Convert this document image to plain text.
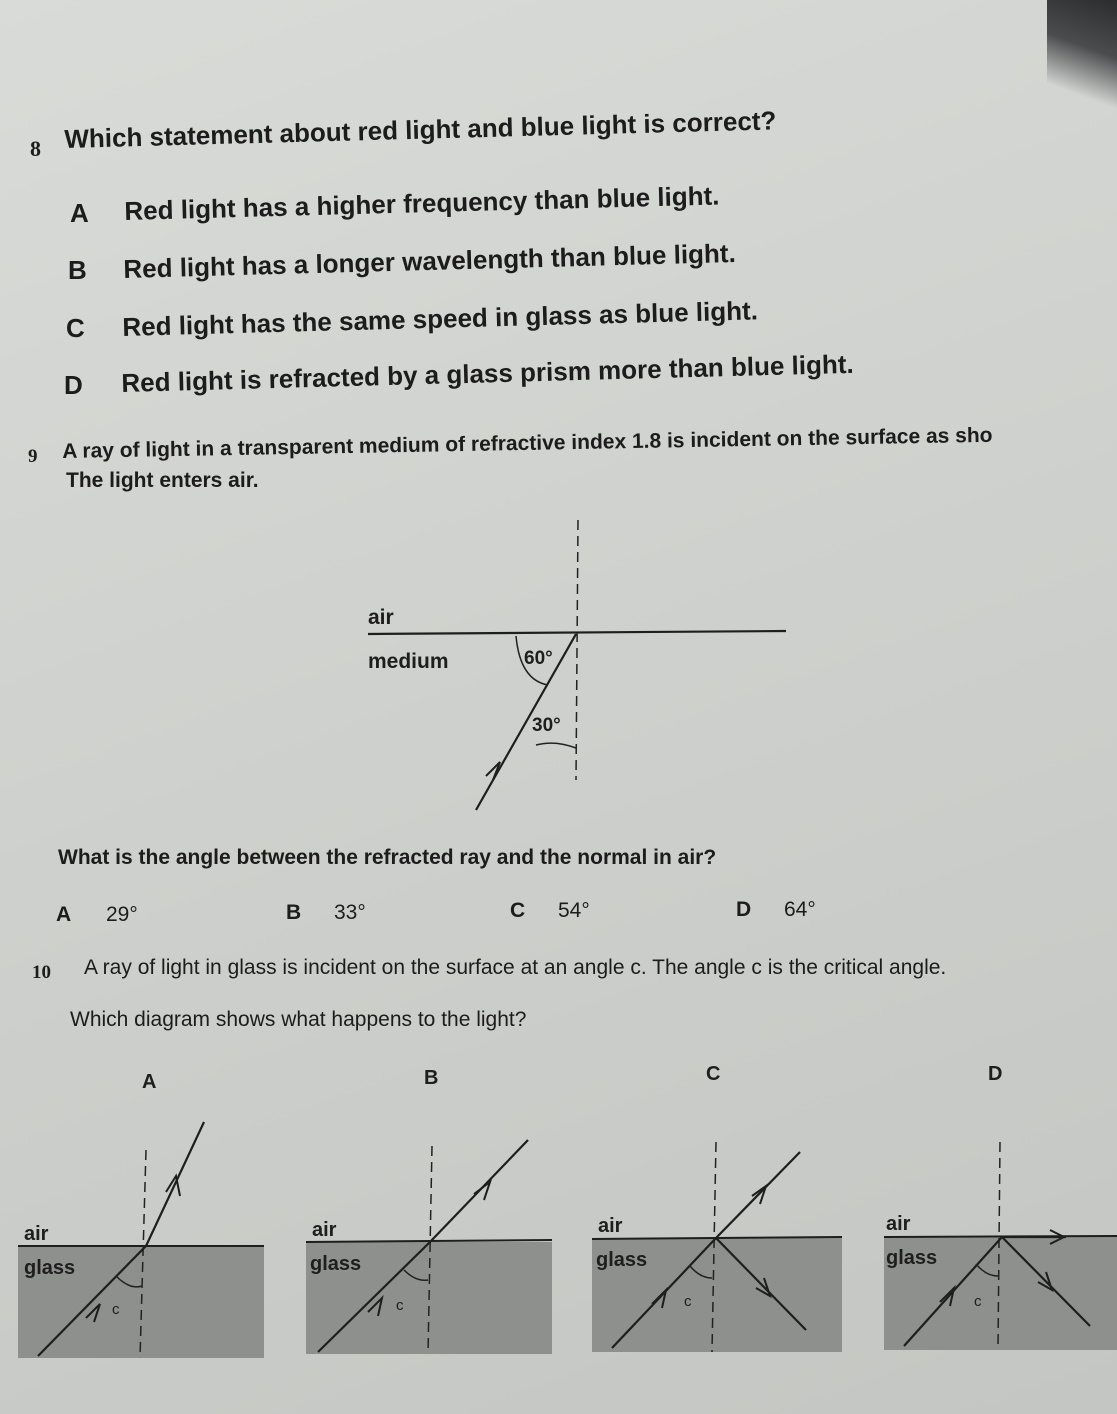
8 Which statement about red light and blue light is correct?
A Red light has a higher frequency than blue light.
B Red light has a longer wavelength than blue light.
C Red light has the same speed in glass as blue light.
D Red light is refracted by a glass prism more than blue light.
9 A ray of light in a transparent medium of refractive index 1.8 is incident on the surface as sho
The light enters air.
air
medium	60°
30°
What is the angle between the refracted ray and the normal in air?
A 29°	B 33°	C 54°	D 64°
10 A ray of light in glass is incident on the surface at an angle c. The angle c is the critical angle.
Which diagram shows what happens to the light?
A
air
glass
c
B
air
glass
c
C
air
glass
c
D
air
glass
c
